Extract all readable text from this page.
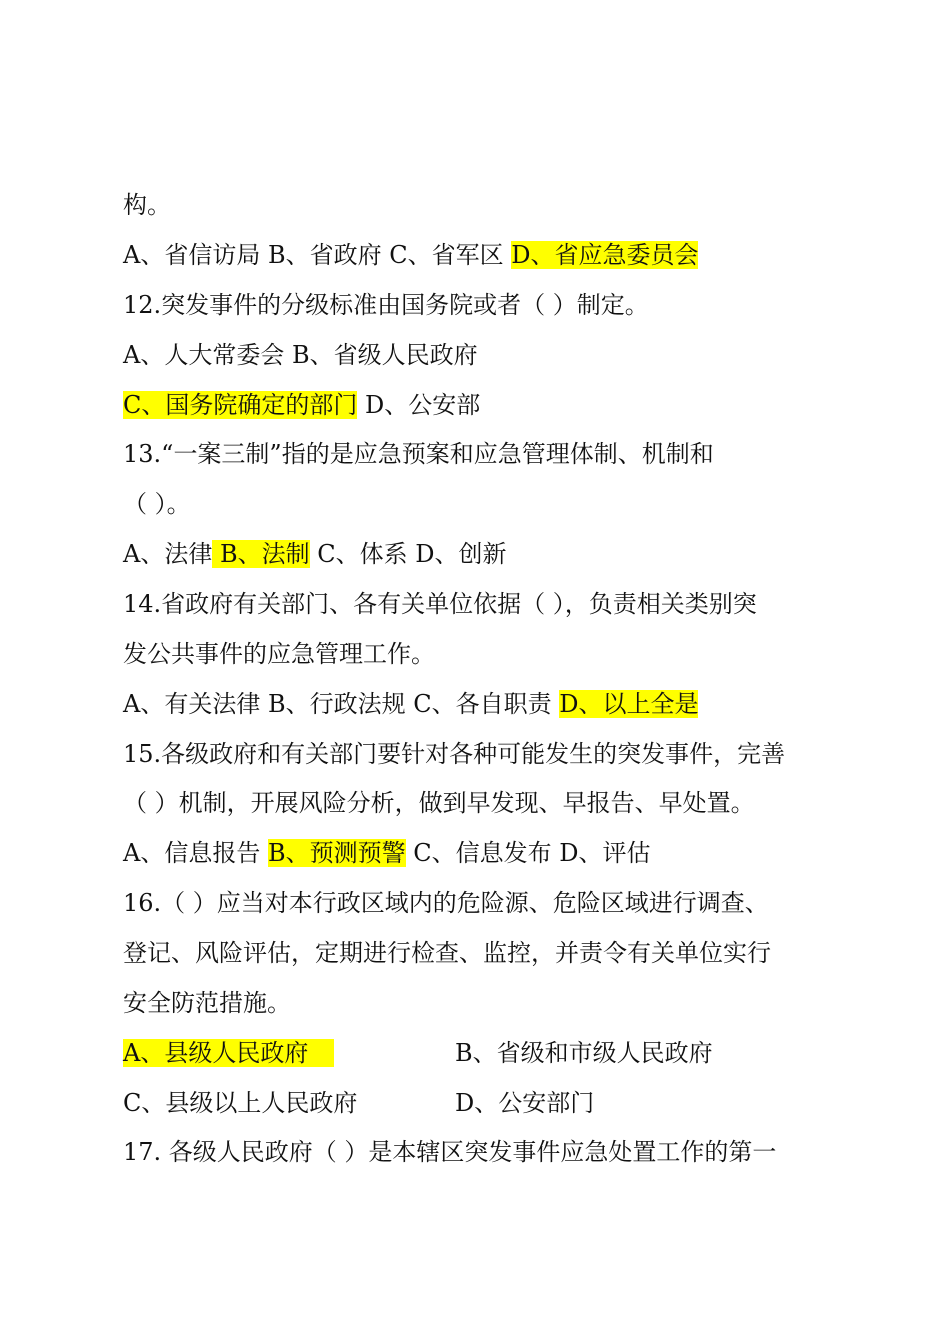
构。
A、省信访局 B、省政府 C、省军区 D、省应急委员会
12.突发事件的分级标准由国务院或者（ ）制定。
A、人大常委会 B、省级人民政府
C、国务院确定的部门 D、公安部
13.“一案三制”指的是应急预案和应急管理体制、机制和
（ ）。
A、法律 B、法制 C、体系 D、创新
14.省政府有关部门、各有关单位依据（ ），负责相关类别突
发公共事件的应急管理工作。
A、有关法律 B、行政法规 C、各自职责 D、以上全是
15.各级政府和有关部门要针对各种可能发生的突发事件，完善
（ ）机制，开展风险分析，做到早发现、早报告、早处置。
A、信息报告 B、预测预警 C、信息发布 D、评估
16.（ ）应当对本行政区域内的危险源、危险区域进行调查、
登记、风险评估，定期进行检查、监控，并责令有关单位实行
安全防范措施。
A、县级人民政府	B、省级和市级人民政府
C、县级以上人民政府	D、公安部门
17. 各级人民政府（ ）是本辖区突发事件应急处置工作的第一
